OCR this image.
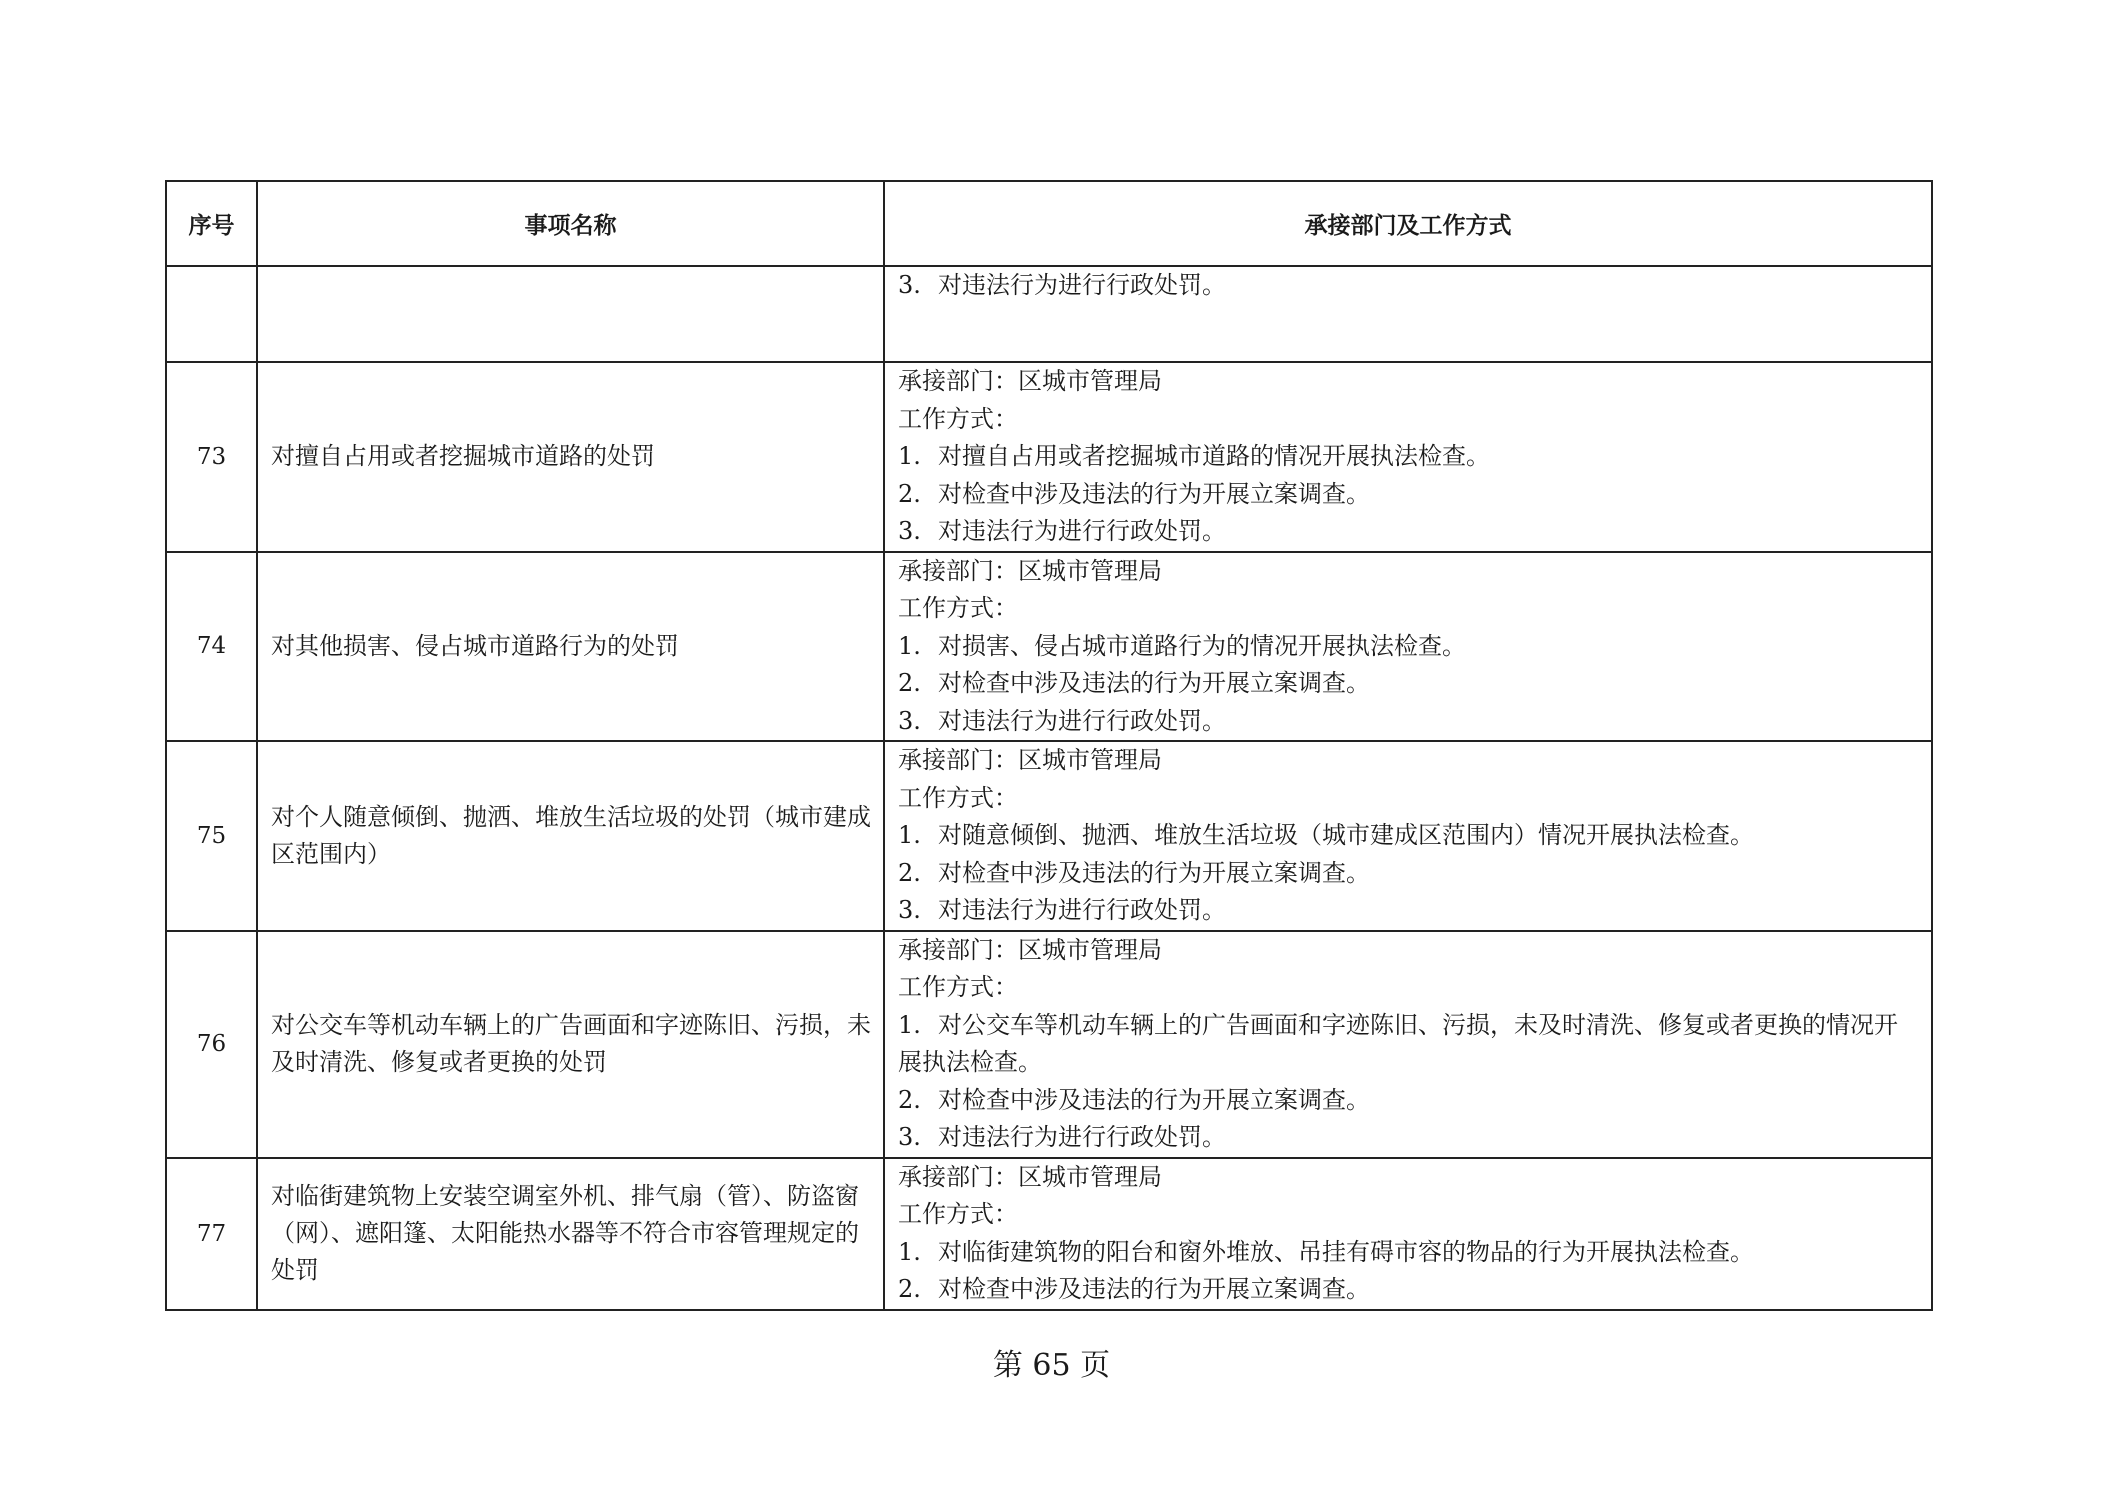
序号	事项名称	承接部门及工作方式

		3. 对违法行为进行行政处罚。

73	对擅自占用或者挖掘城市道路的处罚	承接部门：区城市管理局
工作方式：
1. 对擅自占用或者挖掘城市道路的情况开展执法检查。
2. 对检查中涉及违法的行为开展立案调查。
3. 对违法行为进行行政处罚。

74	对其他损害、侵占城市道路行为的处罚	承接部门：区城市管理局
工作方式：
1. 对损害、侵占城市道路行为的情况开展执法检查。
2. 对检查中涉及违法的行为开展立案调查。
3. 对违法行为进行行政处罚。

75	对个人随意倾倒、抛洒、堆放生活垃圾的处罚（城市建成区范围内）	承接部门：区城市管理局
工作方式：
1. 对随意倾倒、抛洒、堆放生活垃圾（城市建成区范围内）情况开展执法检查。
2. 对检查中涉及违法的行为开展立案调查。
3. 对违法行为进行行政处罚。

76	对公交车等机动车辆上的广告画面和字迹陈旧、污损，未及时清洗、修复或者更换的处罚	承接部门：区城市管理局
工作方式：
1. 对公交车等机动车辆上的广告画面和字迹陈旧、污损，未及时清洗、修复或者更换的情况开展执法检查。
2. 对检查中涉及违法的行为开展立案调查。
3. 对违法行为进行行政处罚。

77	对临街建筑物上安装空调室外机、排气扇（管）、防盗窗（网）、遮阳篷、太阳能热水器等不符合市容管理规定的处罚	承接部门：区城市管理局
工作方式：
1. 对临街建筑物的阳台和窗外堆放、吊挂有碍市容的物品的行为开展执法检查。
2. 对检查中涉及违法的行为开展立案调查。
第 65 页
